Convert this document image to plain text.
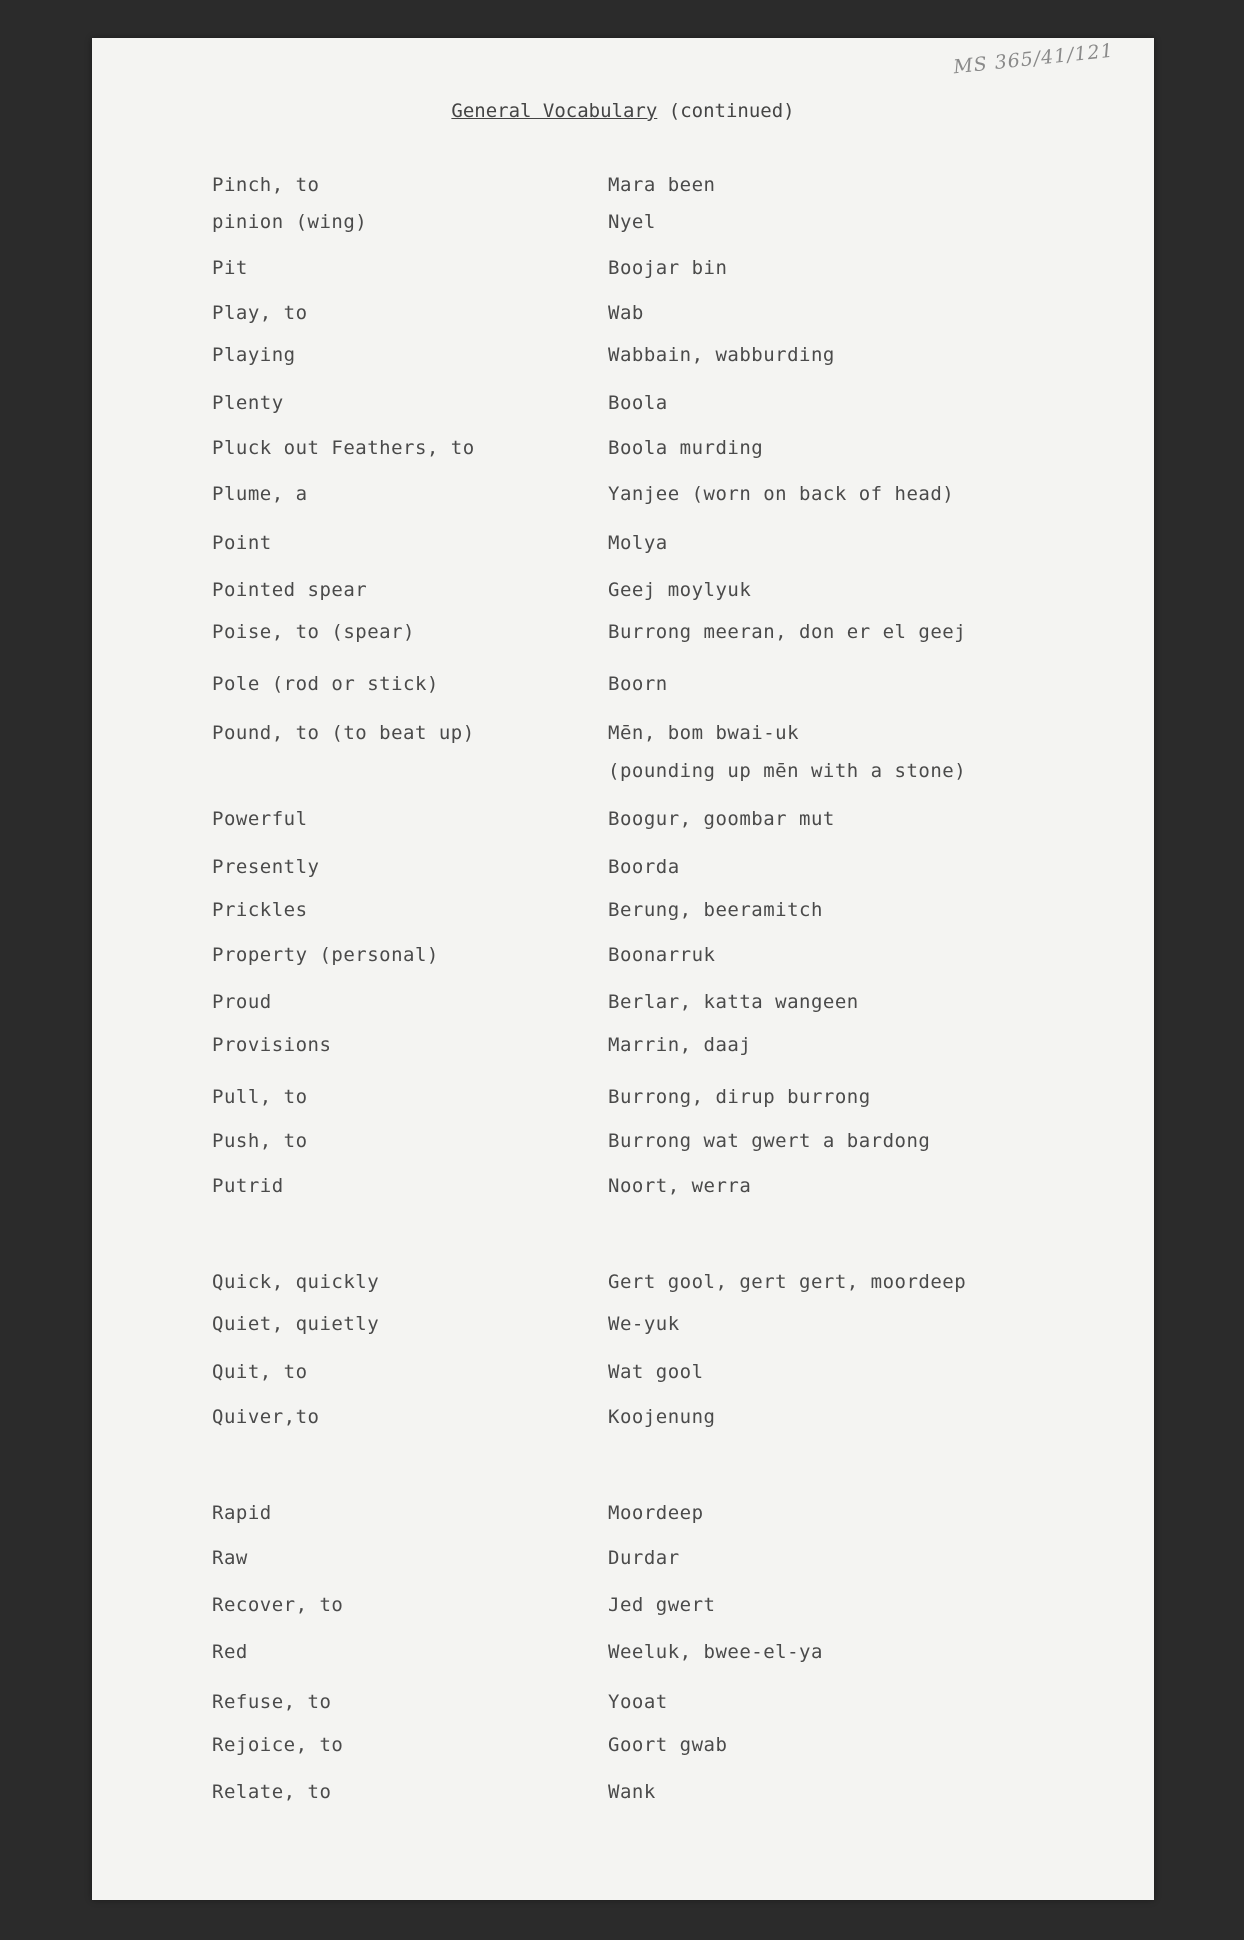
MS 365/41/121
General Vocabulary (continued)
Pinch, to	Mara been
pinion (wing)	Nyel
Pit	Boojar bin
Play, to	Wab
Playing	Wabbain, wabburding
Plenty	Boola
Pluck out Feathers, to	Boola murding
Plume, a	Yanjee (worn on back of head)
Point	Molya
Pointed spear	Geej moylyuk
Poise, to (spear)	Burrong meeran, don er el geej
Pole (rod or stick)	Boorn
Pound, to (to beat up)	Mēn, bom bwai-uk
(pounding up mēn with a stone)
Powerful	Boogur, goombar mut
Presently	Boorda
Prickles	Berung, beeramitch
Property (personal)	Boonarruk
Proud	Berlar, katta wangeen
Provisions	Marrin, daaj
Pull, to	Burrong, dirup burrong
Push, to	Burrong wat gwert a bardong
Putrid	Noort, werra
Quick, quickly	Gert gool, gert gert, moordeep
Quiet, quietly	We-yuk
Quit, to	Wat gool
Quiver,to	Koojenung
Rapid	Moordeep
Raw	Durdar
Recover, to	Jed gwert
Red	Weeluk, bwee-el-ya
Refuse, to	Yooat
Rejoice, to	Goort gwab
Relate, to	Wank
